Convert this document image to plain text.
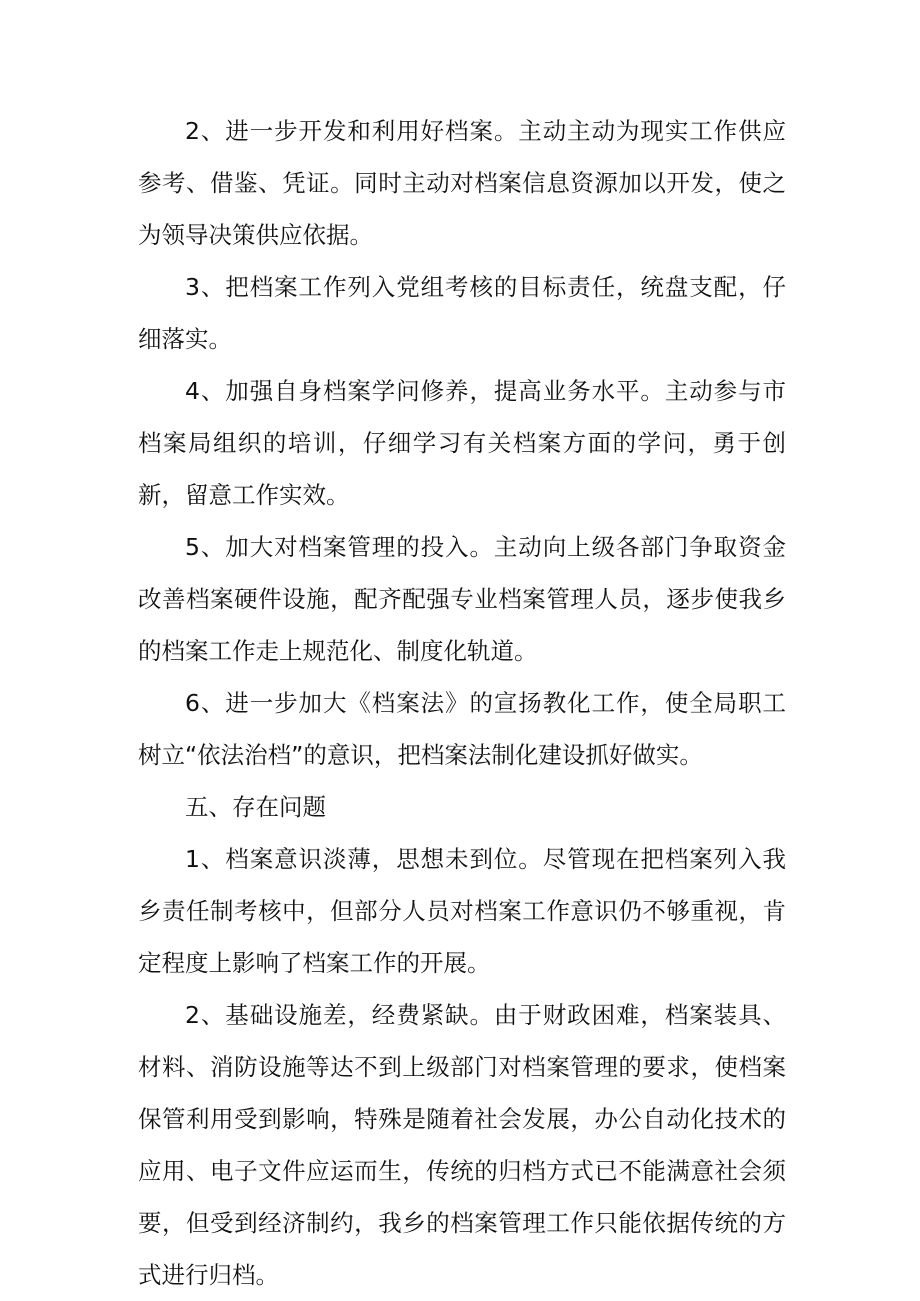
2、进一步开发和利用好档案。主动主动为现实工作供应参考、借鉴、凭证。同时主动对档案信息资源加以开发，使之为领导决策供应依据。

3、把档案工作列入党组考核的目标责任，统盘支配，仔细落实。

4、加强自身档案学问修养，提高业务水平。主动参与市档案局组织的培训，仔细学习有关档案方面的学问，勇于创新，留意工作实效。

5、加大对档案管理的投入。主动向上级各部门争取资金改善档案硬件设施，配齐配强专业档案管理人员，逐步使我乡的档案工作走上规范化、制度化轨道。

6、进一步加大《档案法》的宣扬教化工作，使全局职工树立“依法治档”的意识，把档案法制化建设抓好做实。

五、存在问题

1、档案意识淡薄，思想未到位。尽管现在把档案列入我乡责任制考核中，但部分人员对档案工作意识仍不够重视，肯定程度上影响了档案工作的开展。

2、基础设施差，经费紧缺。由于财政困难，档案装具、材料、消防设施等达不到上级部门对档案管理的要求，使档案保管利用受到影响，特殊是随着社会发展，办公自动化技术的应用、电子文件应运而生，传统的归档方式已不能满意社会须要，但受到经济制约，我乡的档案管理工作只能依据传统的方式进行归档。
